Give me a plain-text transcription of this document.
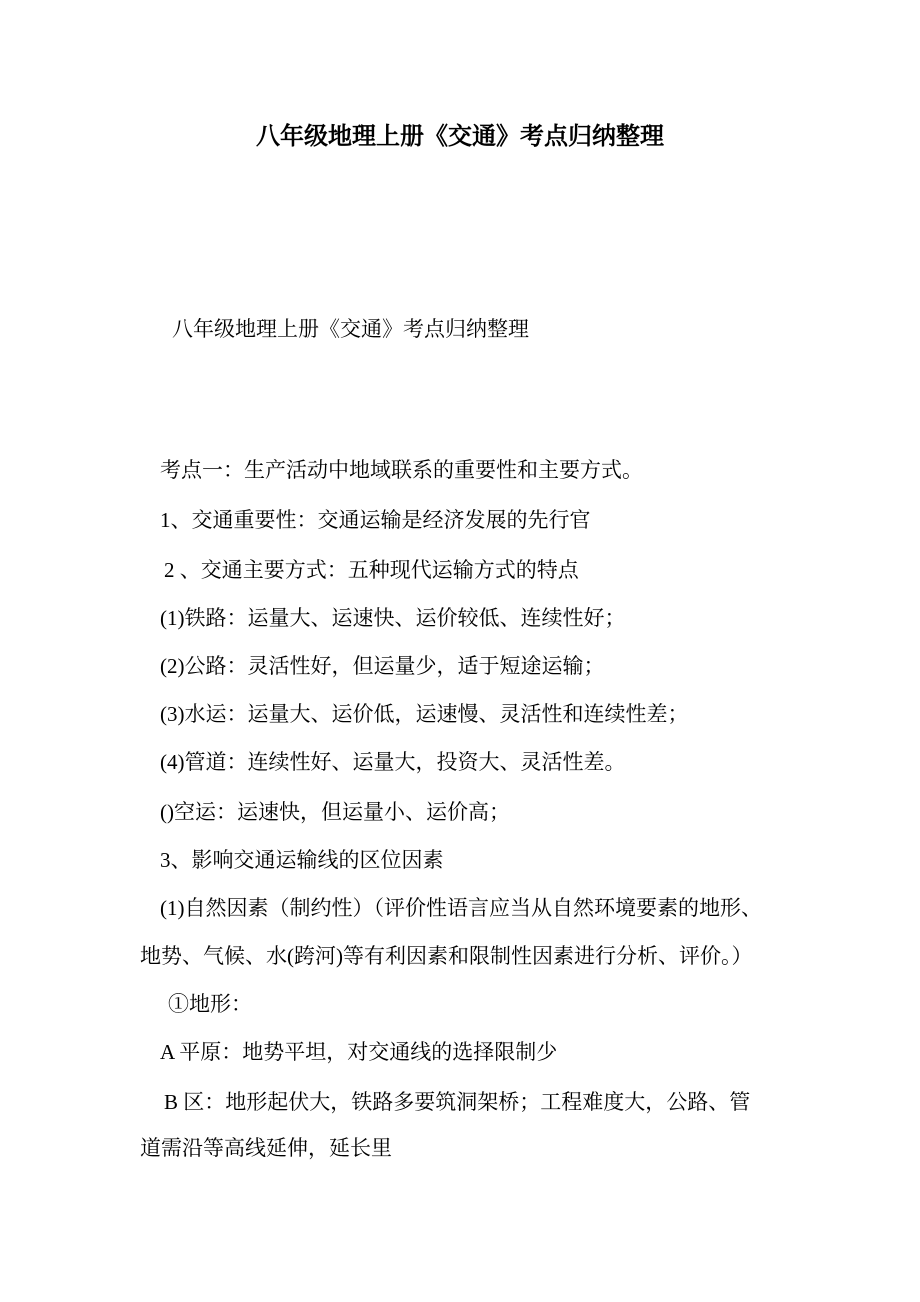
八年级地理上册《交通》考点归纳整理
八年级地理上册《交通》考点归纳整理
考点一：生产活动中地域联系的重要性和主要方式。
1、交通重要性：交通运输是经济发展的先行官
2 、交通主要方式：五种现代运输方式的特点
(1)铁路：运量大、运速快、运价较低、连续性好；
(2)公路：灵活性好，但运量少，适于短途运输；
(3)水运：运量大、运价低，运速慢、灵活性和连续性差；
(4)管道：连续性好、运量大，投资大、灵活性差。
()空运：运速快，但运量小、运价高；
3、影响交通运输线的区位因素
(1)自然因素（制约性）（评价性语言应当从自然环境要素的地形、
地势、气候、水(跨河)等有利因素和限制性因素进行分析、评价。）
①地形：
A 平原：地势平坦，对交通线的选择限制少
B 区：地形起伏大，铁路多要筑洞架桥；工程难度大，公路、管
道需沿等高线延伸，延长里
